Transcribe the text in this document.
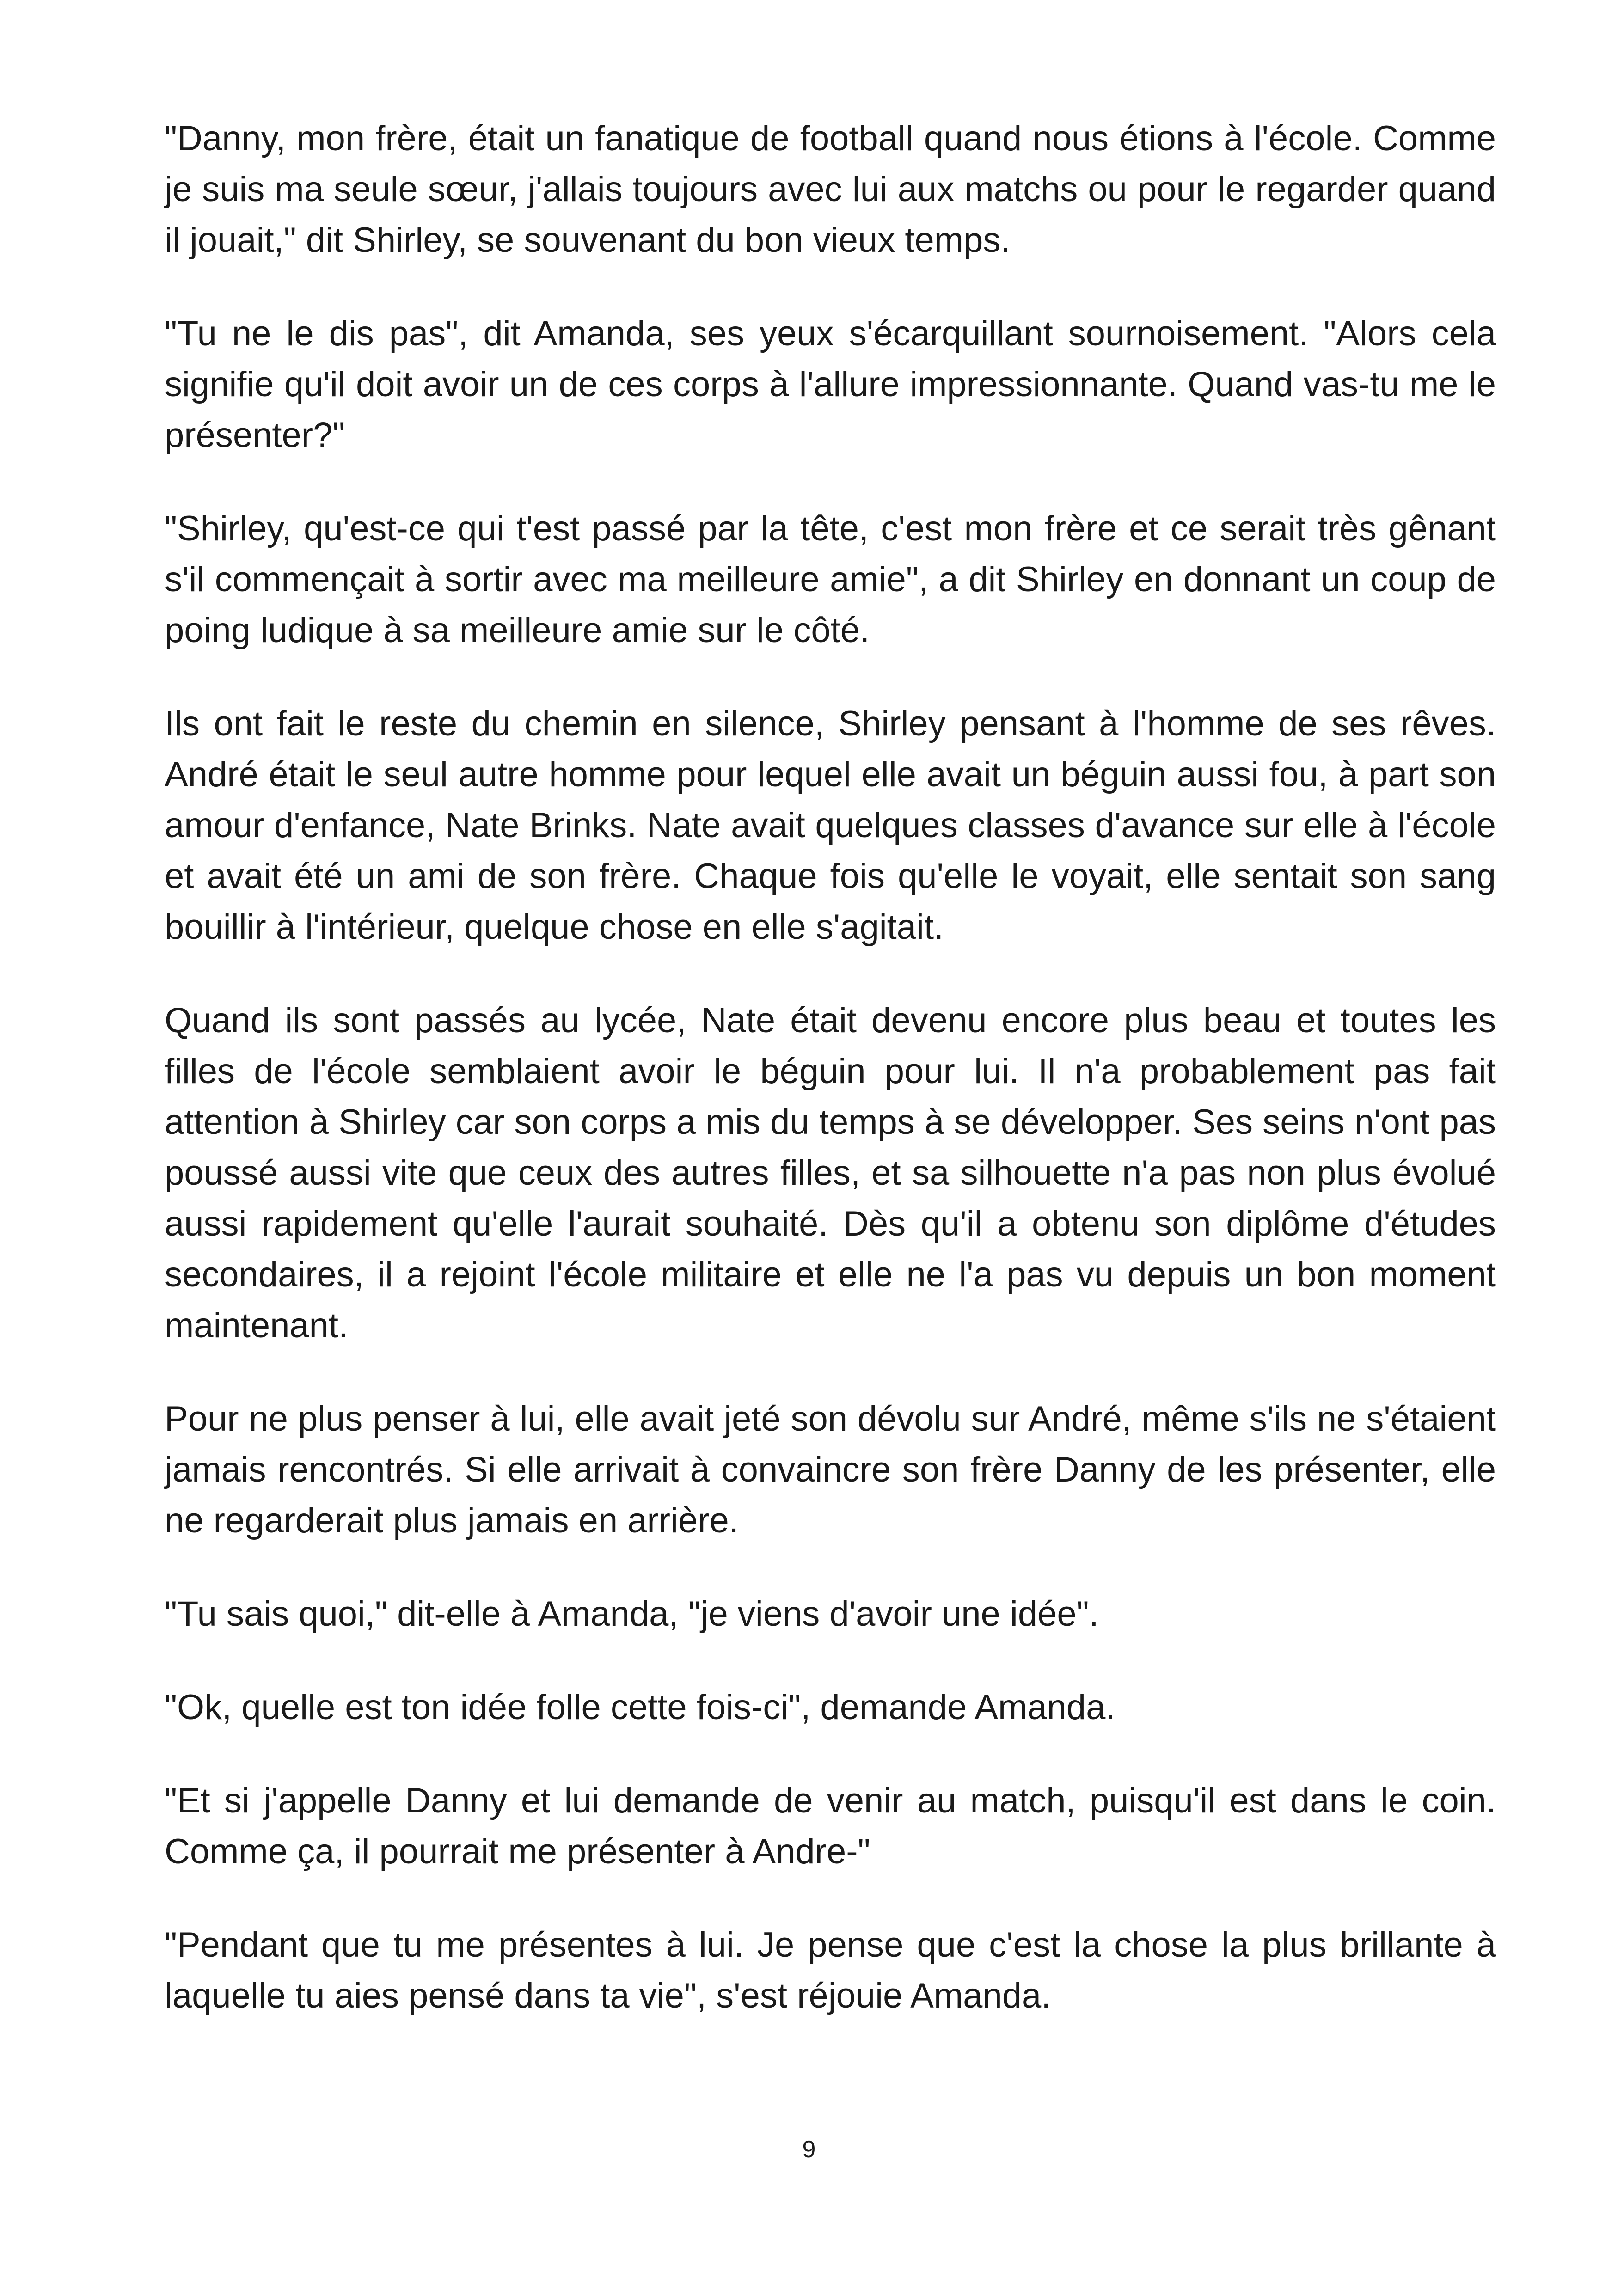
"Danny, mon frère, était un fanatique de football quand nous étions à l'école. Comme je suis ma seule sœur, j'allais toujours avec lui aux matchs ou pour le regarder quand il jouait," dit Shirley, se souvenant du bon vieux temps.

"Tu ne le dis pas", dit Amanda, ses yeux s'écarquillant sournoisement. "Alors cela signifie qu'il doit avoir un de ces corps à l'allure impressionnante. Quand vas-tu me le présenter?"

"Shirley, qu'est-ce qui t'est passé par la tête, c'est mon frère et ce serait très gênant s'il commençait à sortir avec ma meilleure amie", a dit Shirley en donnant un coup de poing ludique à sa meilleure amie sur le côté.

Ils ont fait le reste du chemin en silence, Shirley pensant à l'homme de ses rêves. André était le seul autre homme pour lequel elle avait un béguin aussi fou, à part son amour d'enfance, Nate Brinks. Nate avait quelques classes d'avance sur elle à l'école et avait été un ami de son frère. Chaque fois qu'elle le voyait, elle sentait son sang bouillir à l'intérieur, quelque chose en elle s'agitait.

Quand ils sont passés au lycée, Nate était devenu encore plus beau et toutes les filles de l'école semblaient avoir le béguin pour lui. Il n'a probablement pas fait attention à Shirley car son corps a mis du temps à se développer. Ses seins n'ont pas poussé aussi vite que ceux des autres filles, et sa silhouette n'a pas non plus évolué aussi rapidement qu'elle l'aurait souhaité. Dès qu'il a obtenu son diplôme d'études secondaires, il a rejoint l'école militaire et elle ne l'a pas vu depuis un bon moment maintenant.

Pour ne plus penser à lui, elle avait jeté son dévolu sur André, même s'ils ne s'étaient jamais rencontrés. Si elle arrivait à convaincre son frère Danny de les présenter, elle ne regarderait plus jamais en arrière.

"Tu sais quoi," dit-elle à Amanda, "je viens d'avoir une idée".

"Ok, quelle est ton idée folle cette fois-ci", demande Amanda.

"Et si j'appelle Danny et lui demande de venir au match, puisqu'il est dans le coin. Comme ça, il pourrait me présenter à Andre-"

"Pendant que tu me présentes à lui. Je pense que c'est la chose la plus brillante à laquelle tu aies pensé dans ta vie", s'est réjouie Amanda.

9
